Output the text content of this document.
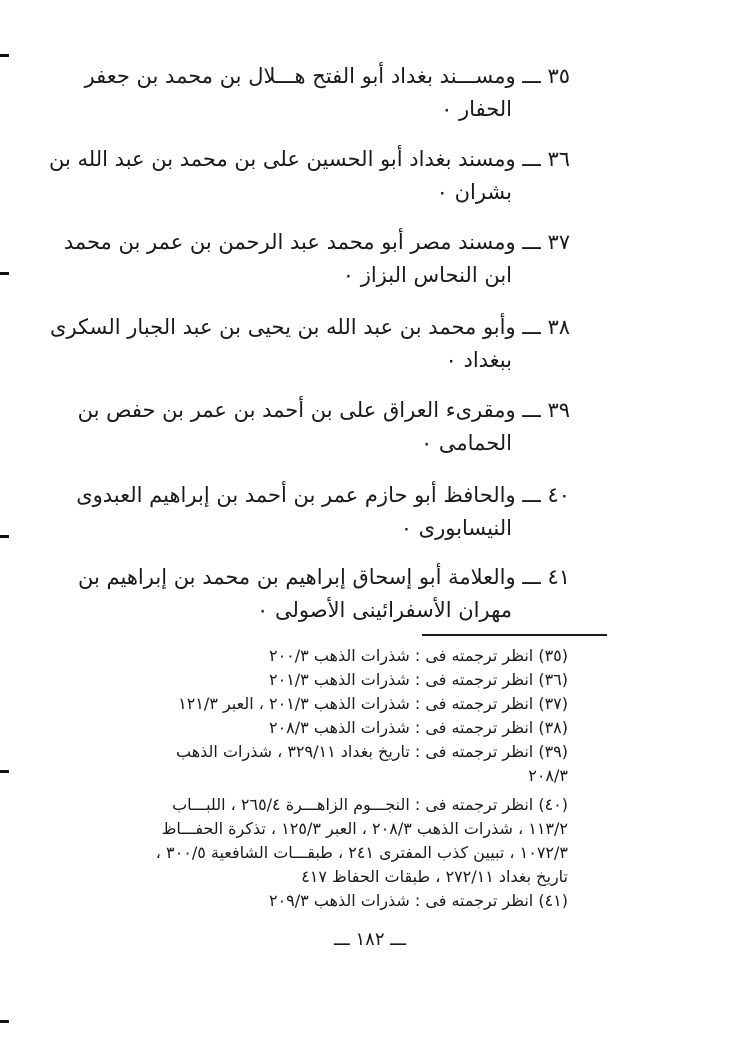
٣٥ ـــ ومســـند بغداد أبو الفتح هـــلال بن محمد بن جعفر
الحفار ٠
٣٦ ـــ ومسند بغداد أبو الحسين على بن محمد بن عبد الله بن
بشران ٠
٣٧ ـــ ومسند مصر أبو محمد عبد الرحمن بن عمر بن محمد
ابن النحاس البزاز ٠
٣٨ ـــ وأبو محمد بن عبد الله بن يحيى بن عبد الجبار السكرى
ببغداد ٠
٣٩ ـــ ومقرىء العراق على بن أحمد بن عمر بن حفص بن
الحمامى ٠
٤٠ ـــ والحافظ أبو حازم عمر بن أحمد بن إبراهيم العبدوى
النيسابورى ٠
٤١ ـــ والعلامة أبو إسحاق إبراهيم بن محمد بن إبراهيم بن
مهران الأسفرائينى الأصولى ٠
(٣٥) انظر ترجمته فى : شذرات الذهب ٢٠٠/٣
(٣٦) انظر ترجمته فى : شذرات الذهب ٢٠١/٣
(٣٧) انظر ترجمته فى : شذرات الذهب ٢٠١/٣ ، العبر ١٢١/٣
(٣٨) انظر ترجمته فى : شذرات الذهب ٢٠٨/٣
(٣٩) انظر ترجمته فى : تاريخ بغداد ٣٢٩/١١ ، شذرات الذهب
٢٠٨/٣
(٤٠) انظر ترجمته فى : النجـــوم الزاهـــرة ٢٦٥/٤ ، اللبـــاب
١١٣/٢ ، شذرات الذهب ٢٠٨/٣ ، العبر ١٢٥/٣ ، تذكرة الحفـــاظ
١٠٧٢/٣ ، تبيين كذب المفترى ٢٤١ ، طبقـــات الشافعية ٣٠٠/٥ ،
تاريخ بغداد ٢٧٢/١١ ، طبقات الحفاظ ٤١٧
(٤١) انظر ترجمته فى : شذرات الذهب ٢٠٩/٣
ـــ ١٨٢ ـــ
